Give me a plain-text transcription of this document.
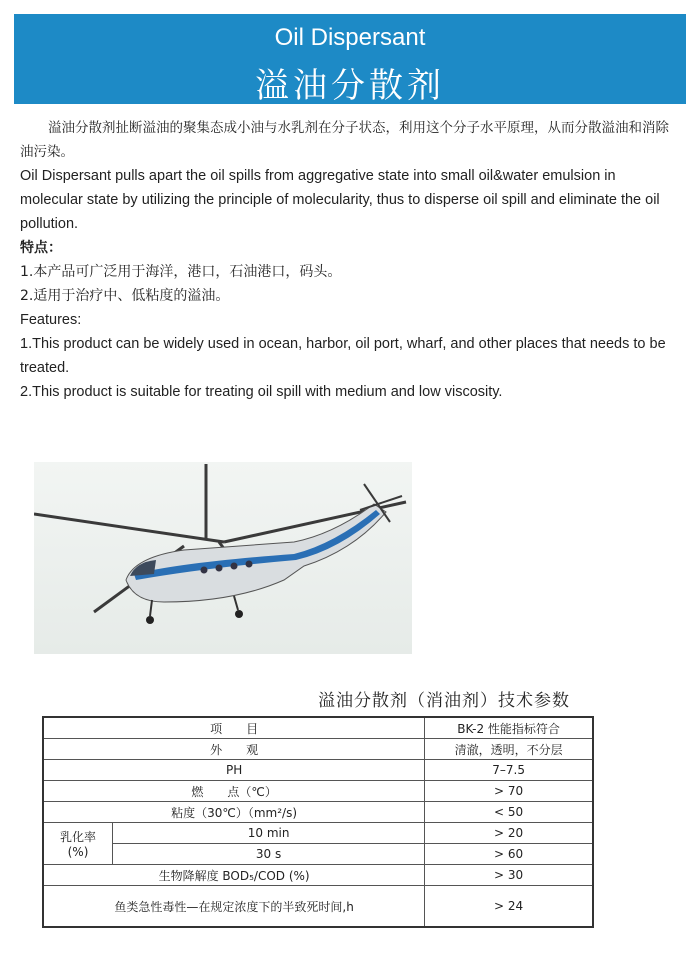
Oil Dispersant
溢油分散剂

溢油分散剂扯断溢油的聚集态成小油与水乳剂在分子状态，利用这个分子水平原理，从而分散溢油和消除油污染。

Oil Dispersant pulls apart the oil spills from aggregative state into small oil&water emulsion in molecular state by utilizing the principle of molecularity, thus to disperse oil spill and eliminate the oil pollution.

特点：

1.本产品可广泛用于海洋，港口，石油港口，码头。

2.适用于治疗中、低粘度的溢油。

Features:

1.This product can be widely used in ocean, harbor, oil port, wharf, and other places that needs to be treated.

2.This product is suitable for treating oil spill with medium and low viscosity.

溢油分散剂（消油剂）技术参数
项　　目		BK-2 性能指标符合
外　　观		清澈，透明，不分层
PH		7–7.5
燃　　点（℃）		> 70
粘度（30℃）（mm²/s)		< 50

乳化率
(%)	10 min	> 20
	30 s	> 60
生物降解度 BOD₅/COD (%)		> 30
鱼类急性毒性—在规定浓度下的半致死时间,h		> 24
